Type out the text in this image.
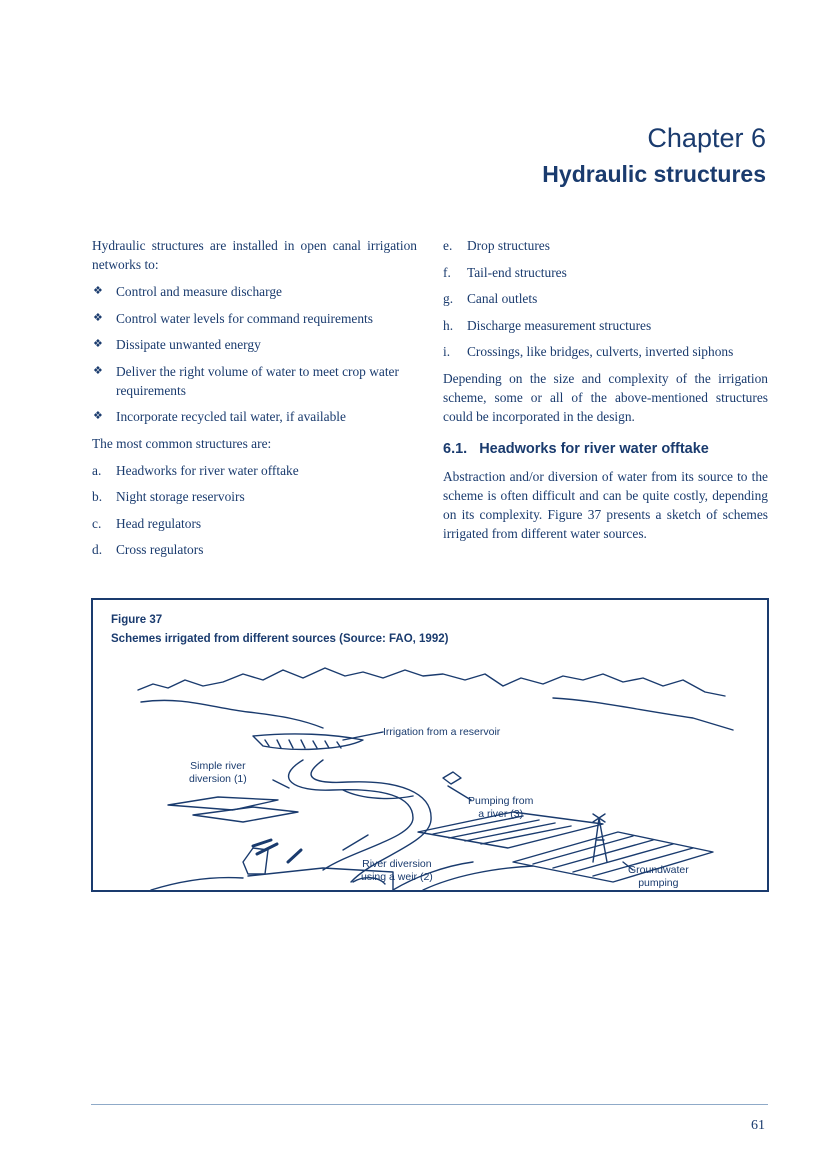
Chapter 6
Hydraulic structures

Hydraulic structures are installed in open canal irrigation networks to:

❖ Control and measure discharge
❖ Control water levels for command requirements
❖ Dissipate unwanted energy
❖ Deliver the right volume of water to meet crop water requirements
❖ Incorporate recycled tail water, if available

The most common structures are:

a. Headworks for river water offtake
b. Night storage reservoirs
c. Head regulators
d. Cross regulators
e. Drop structures
f. Tail-end structures
g. Canal outlets
h. Discharge measurement structures
i. Crossings, like bridges, culverts, inverted siphons

Depending on the size and complexity of the irrigation scheme, some or all of the above-mentioned structures could be incorporated in the design.

6.1. Headworks for river water offtake

Abstraction and/or diversion of water from its source to the scheme is often difficult and can be quite costly, depending on its complexity. Figure 37 presents a sketch of schemes irrigated from different water sources.

Figure 37
Schemes irrigated from different sources (Source: FAO, 1992)
Irrigation from a reservoir
Simple river
diversion (1)
Pumping from
a river (3)
River diversion
using a weir (2)
Groundwater
pumping
61
